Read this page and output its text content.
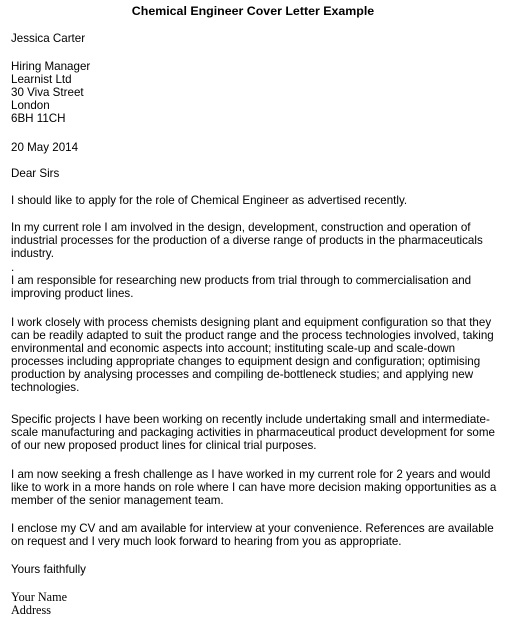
Chemical Engineer Cover Letter Example
Jessica Carter
Hiring Manager
Learnist Ltd
30 Viva Street
London
6BH 11CH
20 May 2014
Dear Sirs
I should like to apply for the role of Chemical Engineer as advertised recently.
In my current role I am involved in the design, development, construction and operation of
industrial processes for the production of a diverse range of products in the pharmaceuticals
industry.
.
I am responsible for researching new products from trial through to commercialisation and
improving product lines.
I work closely with process chemists designing plant and equipment configuration so that they
can be readily adapted to suit the product range and the process technologies involved, taking
environmental and economic aspects into account; instituting scale-up and scale-down
processes including appropriate changes to equipment design and configuration; optimising
production by analysing processes and compiling de-bottleneck studies; and applying new
technologies.
Specific projects I have been working on recently include undertaking small and intermediate-
scale manufacturing and packaging activities in pharmaceutical product development for some
of our new proposed product lines for clinical trial purposes.
I am now seeking a fresh challenge as I have worked in my current role for 2 years and would
like to work in a more hands on role where I can have more decision making opportunities as a
member of the senior management team.
I enclose my CV and am available for interview at your convenience. References are available
on request and I very much look forward to hearing from you as appropriate.
Yours faithfully
Your Name
Address
